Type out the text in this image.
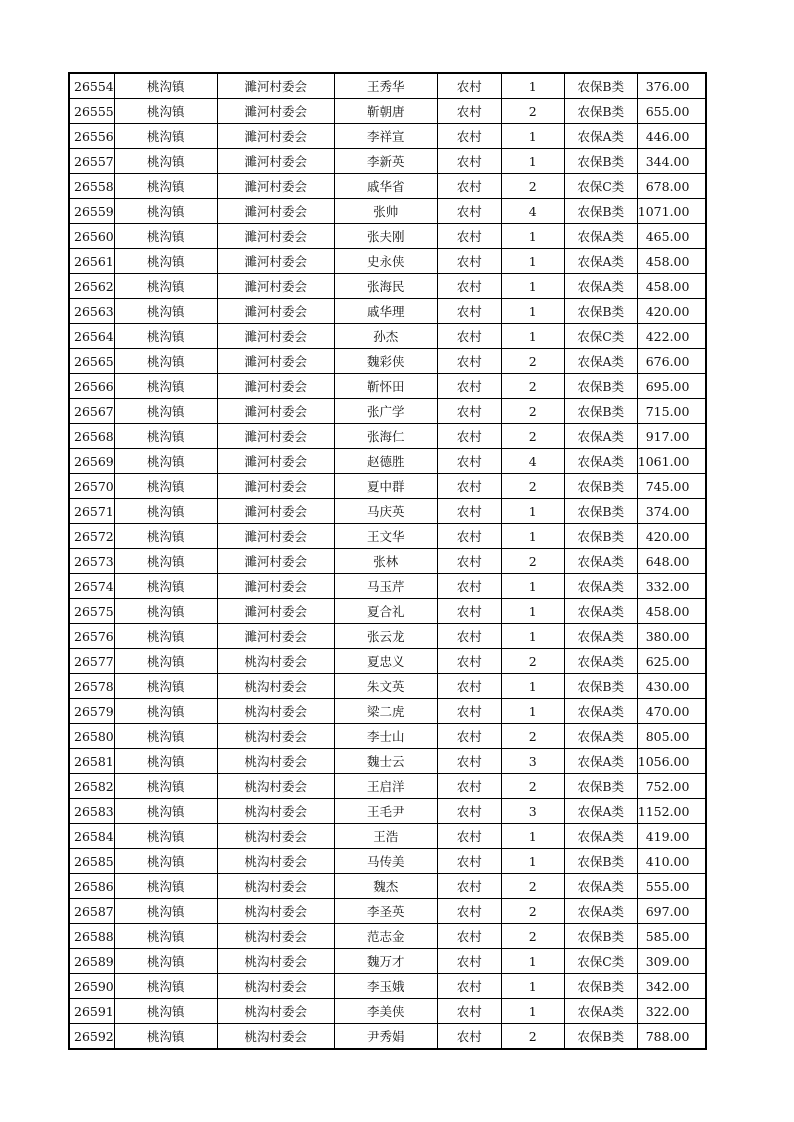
26554	桃沟镇	濉河村委会	王秀华	农村	1	农保B类	376.00
26555	桃沟镇	濉河村委会	靳朝唐	农村	2	农保B类	655.00
26556	桃沟镇	濉河村委会	李祥宣	农村	1	农保A类	446.00
26557	桃沟镇	濉河村委会	李新英	农村	1	农保B类	344.00
26558	桃沟镇	濉河村委会	戚华省	农村	2	农保C类	678.00
26559	桃沟镇	濉河村委会	张帅	农村	4	农保B类	1071.00
26560	桃沟镇	濉河村委会	张夫刚	农村	1	农保A类	465.00
26561	桃沟镇	濉河村委会	史永侠	农村	1	农保A类	458.00
26562	桃沟镇	濉河村委会	张海民	农村	1	农保A类	458.00
26563	桃沟镇	濉河村委会	戚华理	农村	1	农保B类	420.00
26564	桃沟镇	濉河村委会	孙杰	农村	1	农保C类	422.00
26565	桃沟镇	濉河村委会	魏彩侠	农村	2	农保A类	676.00
26566	桃沟镇	濉河村委会	靳怀田	农村	2	农保B类	695.00
26567	桃沟镇	濉河村委会	张广学	农村	2	农保B类	715.00
26568	桃沟镇	濉河村委会	张海仁	农村	2	农保A类	917.00
26569	桃沟镇	濉河村委会	赵德胜	农村	4	农保A类	1061.00
26570	桃沟镇	濉河村委会	夏中群	农村	2	农保B类	745.00
26571	桃沟镇	濉河村委会	马庆英	农村	1	农保B类	374.00
26572	桃沟镇	濉河村委会	王文华	农村	1	农保B类	420.00
26573	桃沟镇	濉河村委会	张林	农村	2	农保A类	648.00
26574	桃沟镇	濉河村委会	马玉芹	农村	1	农保A类	332.00
26575	桃沟镇	濉河村委会	夏合礼	农村	1	农保A类	458.00
26576	桃沟镇	濉河村委会	张云龙	农村	1	农保A类	380.00
26577	桃沟镇	桃沟村委会	夏忠义	农村	2	农保A类	625.00
26578	桃沟镇	桃沟村委会	朱文英	农村	1	农保B类	430.00
26579	桃沟镇	桃沟村委会	梁二虎	农村	1	农保A类	470.00
26580	桃沟镇	桃沟村委会	李士山	农村	2	农保A类	805.00
26581	桃沟镇	桃沟村委会	魏士云	农村	3	农保A类	1056.00
26582	桃沟镇	桃沟村委会	王启洋	农村	2	农保B类	752.00
26583	桃沟镇	桃沟村委会	王毛尹	农村	3	农保A类	1152.00
26584	桃沟镇	桃沟村委会	王浩	农村	1	农保A类	419.00
26585	桃沟镇	桃沟村委会	马传美	农村	1	农保B类	410.00
26586	桃沟镇	桃沟村委会	魏杰	农村	2	农保A类	555.00
26587	桃沟镇	桃沟村委会	李圣英	农村	2	农保A类	697.00
26588	桃沟镇	桃沟村委会	范志金	农村	2	农保B类	585.00
26589	桃沟镇	桃沟村委会	魏万才	农村	1	农保C类	309.00
26590	桃沟镇	桃沟村委会	李玉娥	农村	1	农保B类	342.00
26591	桃沟镇	桃沟村委会	李美侠	农村	1	农保A类	322.00
26592	桃沟镇	桃沟村委会	尹秀娟	农村	2	农保B类	788.00
